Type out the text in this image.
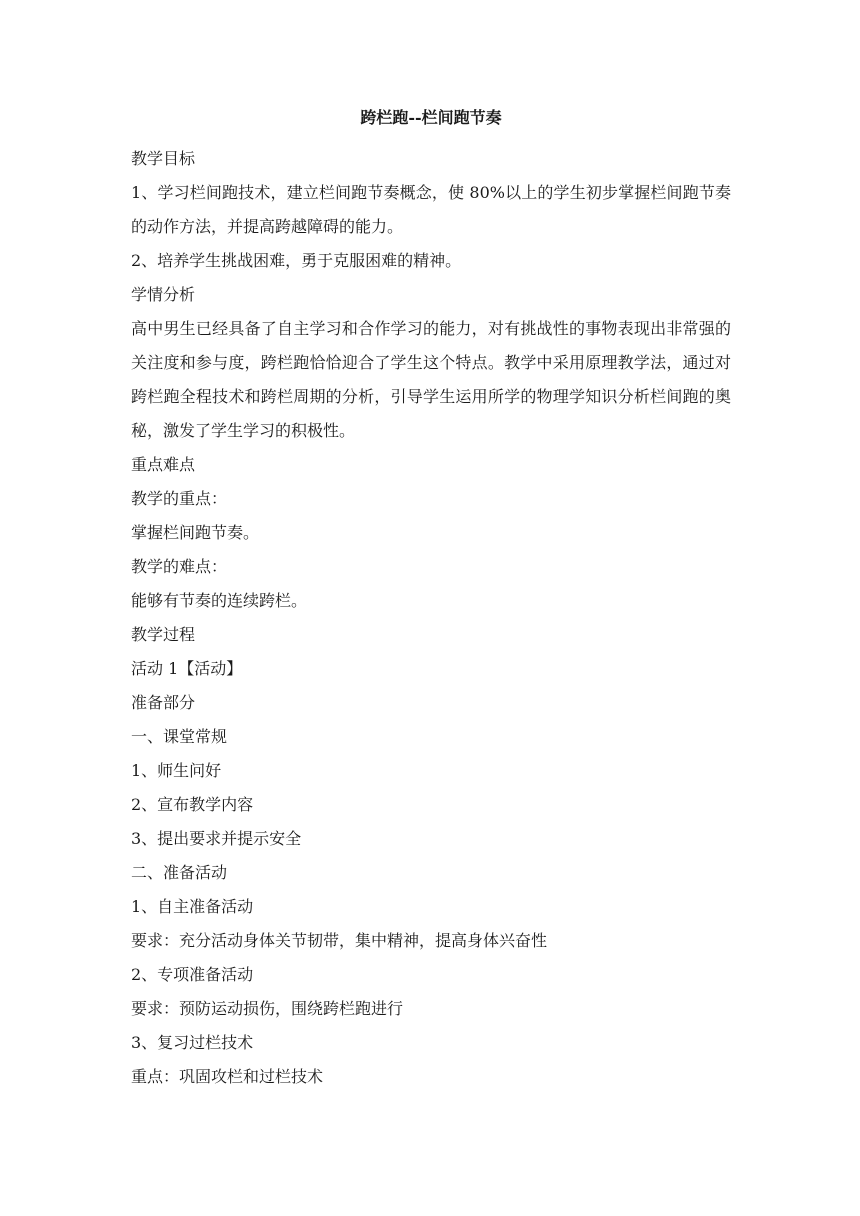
跨栏跑--栏间跑节奏
教学目标
1、学习栏间跑技术，建立栏间跑节奏概念，使 80%以上的学生初步掌握栏间跑节奏的动作方法，并提高跨越障碍的能力。
2、培养学生挑战困难，勇于克服困难的精神。
学情分析
高中男生已经具备了自主学习和合作学习的能力，对有挑战性的事物表现出非常强的关注度和参与度，跨栏跑恰恰迎合了学生这个特点。教学中采用原理教学法，通过对跨栏跑全程技术和跨栏周期的分析，引导学生运用所学的物理学知识分析栏间跑的奥秘，激发了学生学习的积极性。
重点难点
教学的重点：
掌握栏间跑节奏。
教学的难点：
能够有节奏的连续跨栏。
教学过程
活动 1【活动】
准备部分
一、课堂常规
1、师生问好
2、宣布教学内容
3、提出要求并提示安全
二、准备活动
1、自主准备活动
要求：充分活动身体关节韧带，集中精神，提高身体兴奋性
2、专项准备活动
要求：预防运动损伤，围绕跨栏跑进行
3、复习过栏技术
重点：巩固攻栏和过栏技术
